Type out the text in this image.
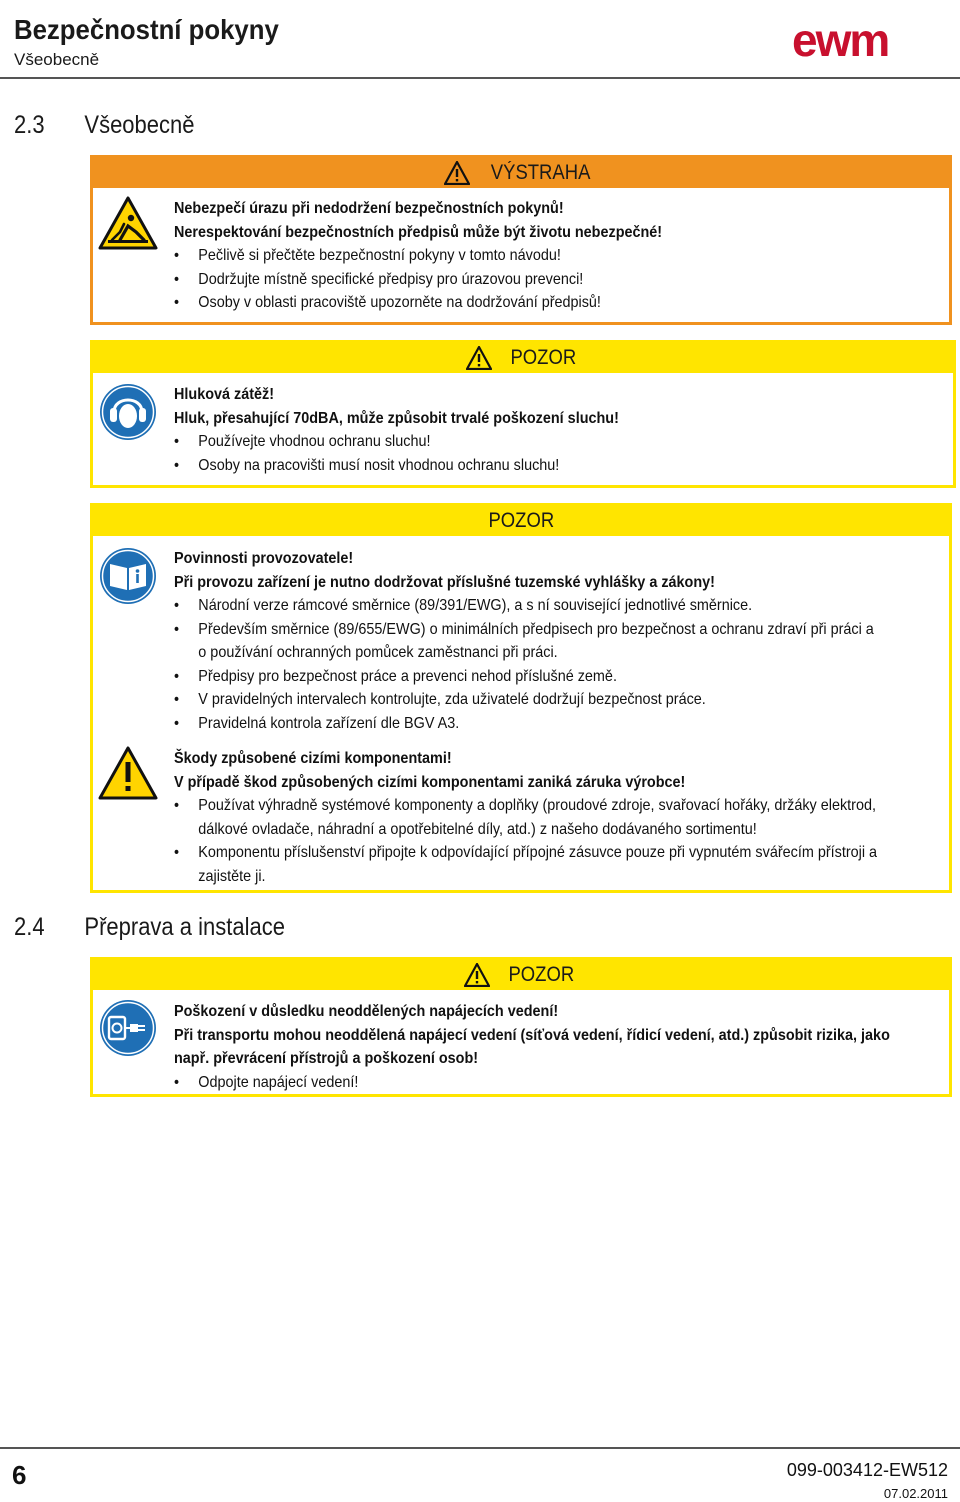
Bezpečnostní pokyny
Všeobecně	ewm
2.3 Všeobecně
VÝSTRAHA
Nebezpečí úrazu při nedodržení bezpečnostních pokynů!
Nerespektování bezpečnostních předpisů může být životu nebezpečné!
• Pečlivě si přečtěte bezpečnostní pokyny v tomto návodu!
• Dodržujte místně specifické předpisy pro úrazovou prevenci!
• Osoby v oblasti pracoviště upozorněte na dodržování předpisů!
POZOR
Hluková zátěž!
Hluk, přesahující 70dBA, může způsobit trvalé poškození sluchu!
• Používejte vhodnou ochranu sluchu!
• Osoby na pracovišti musí nosit vhodnou ochranu sluchu!
POZOR
Povinnosti provozovatele!
Při provozu zařízení je nutno dodržovat příslušné tuzemské vyhlášky a zákony!
• Národní verze rámcové směrnice (89/391/EWG), a s ní související jednotlivé směrnice.
• Především směrnice (89/655/EWG) o minimálních předpisech pro bezpečnost a ochranu zdraví při práci a
o používání ochranných pomůcek zaměstnanci při práci.
• Předpisy pro bezpečnost práce a prevenci nehod příslušné země.
• V pravidelných intervalech kontrolujte, zda uživatelé dodržují bezpečnost práce.
• Pravidelná kontrola zařízení dle BGV A3.
Škody způsobené cizími komponentami!
V případě škod způsobených cizími komponentami zaniká záruka výrobce!
• Používat výhradně systémové komponenty a doplňky (proudové zdroje, svařovací hořáky, držáky elektrod,
dálkové ovladače, náhradní a opotřebitelné díly, atd.) z našeho dodávaného sortimentu!
• Komponentu příslušenství připojte k odpovídající přípojné zásuvce pouze při vypnutém svářecím přístroji a
zajistěte ji.
2.4 Přeprava a instalace
POZOR
Poškození v důsledku neoddělených napájecích vedení!
Při transportu mohou neoddělená napájecí vedení (síťová vedení, řídicí vedení, atd.) způsobit rizika, jako
např. převrácení přístrojů a poškození osob!
• Odpojte napájecí vedení!
6	099-003412-EW512
07.02.2011
